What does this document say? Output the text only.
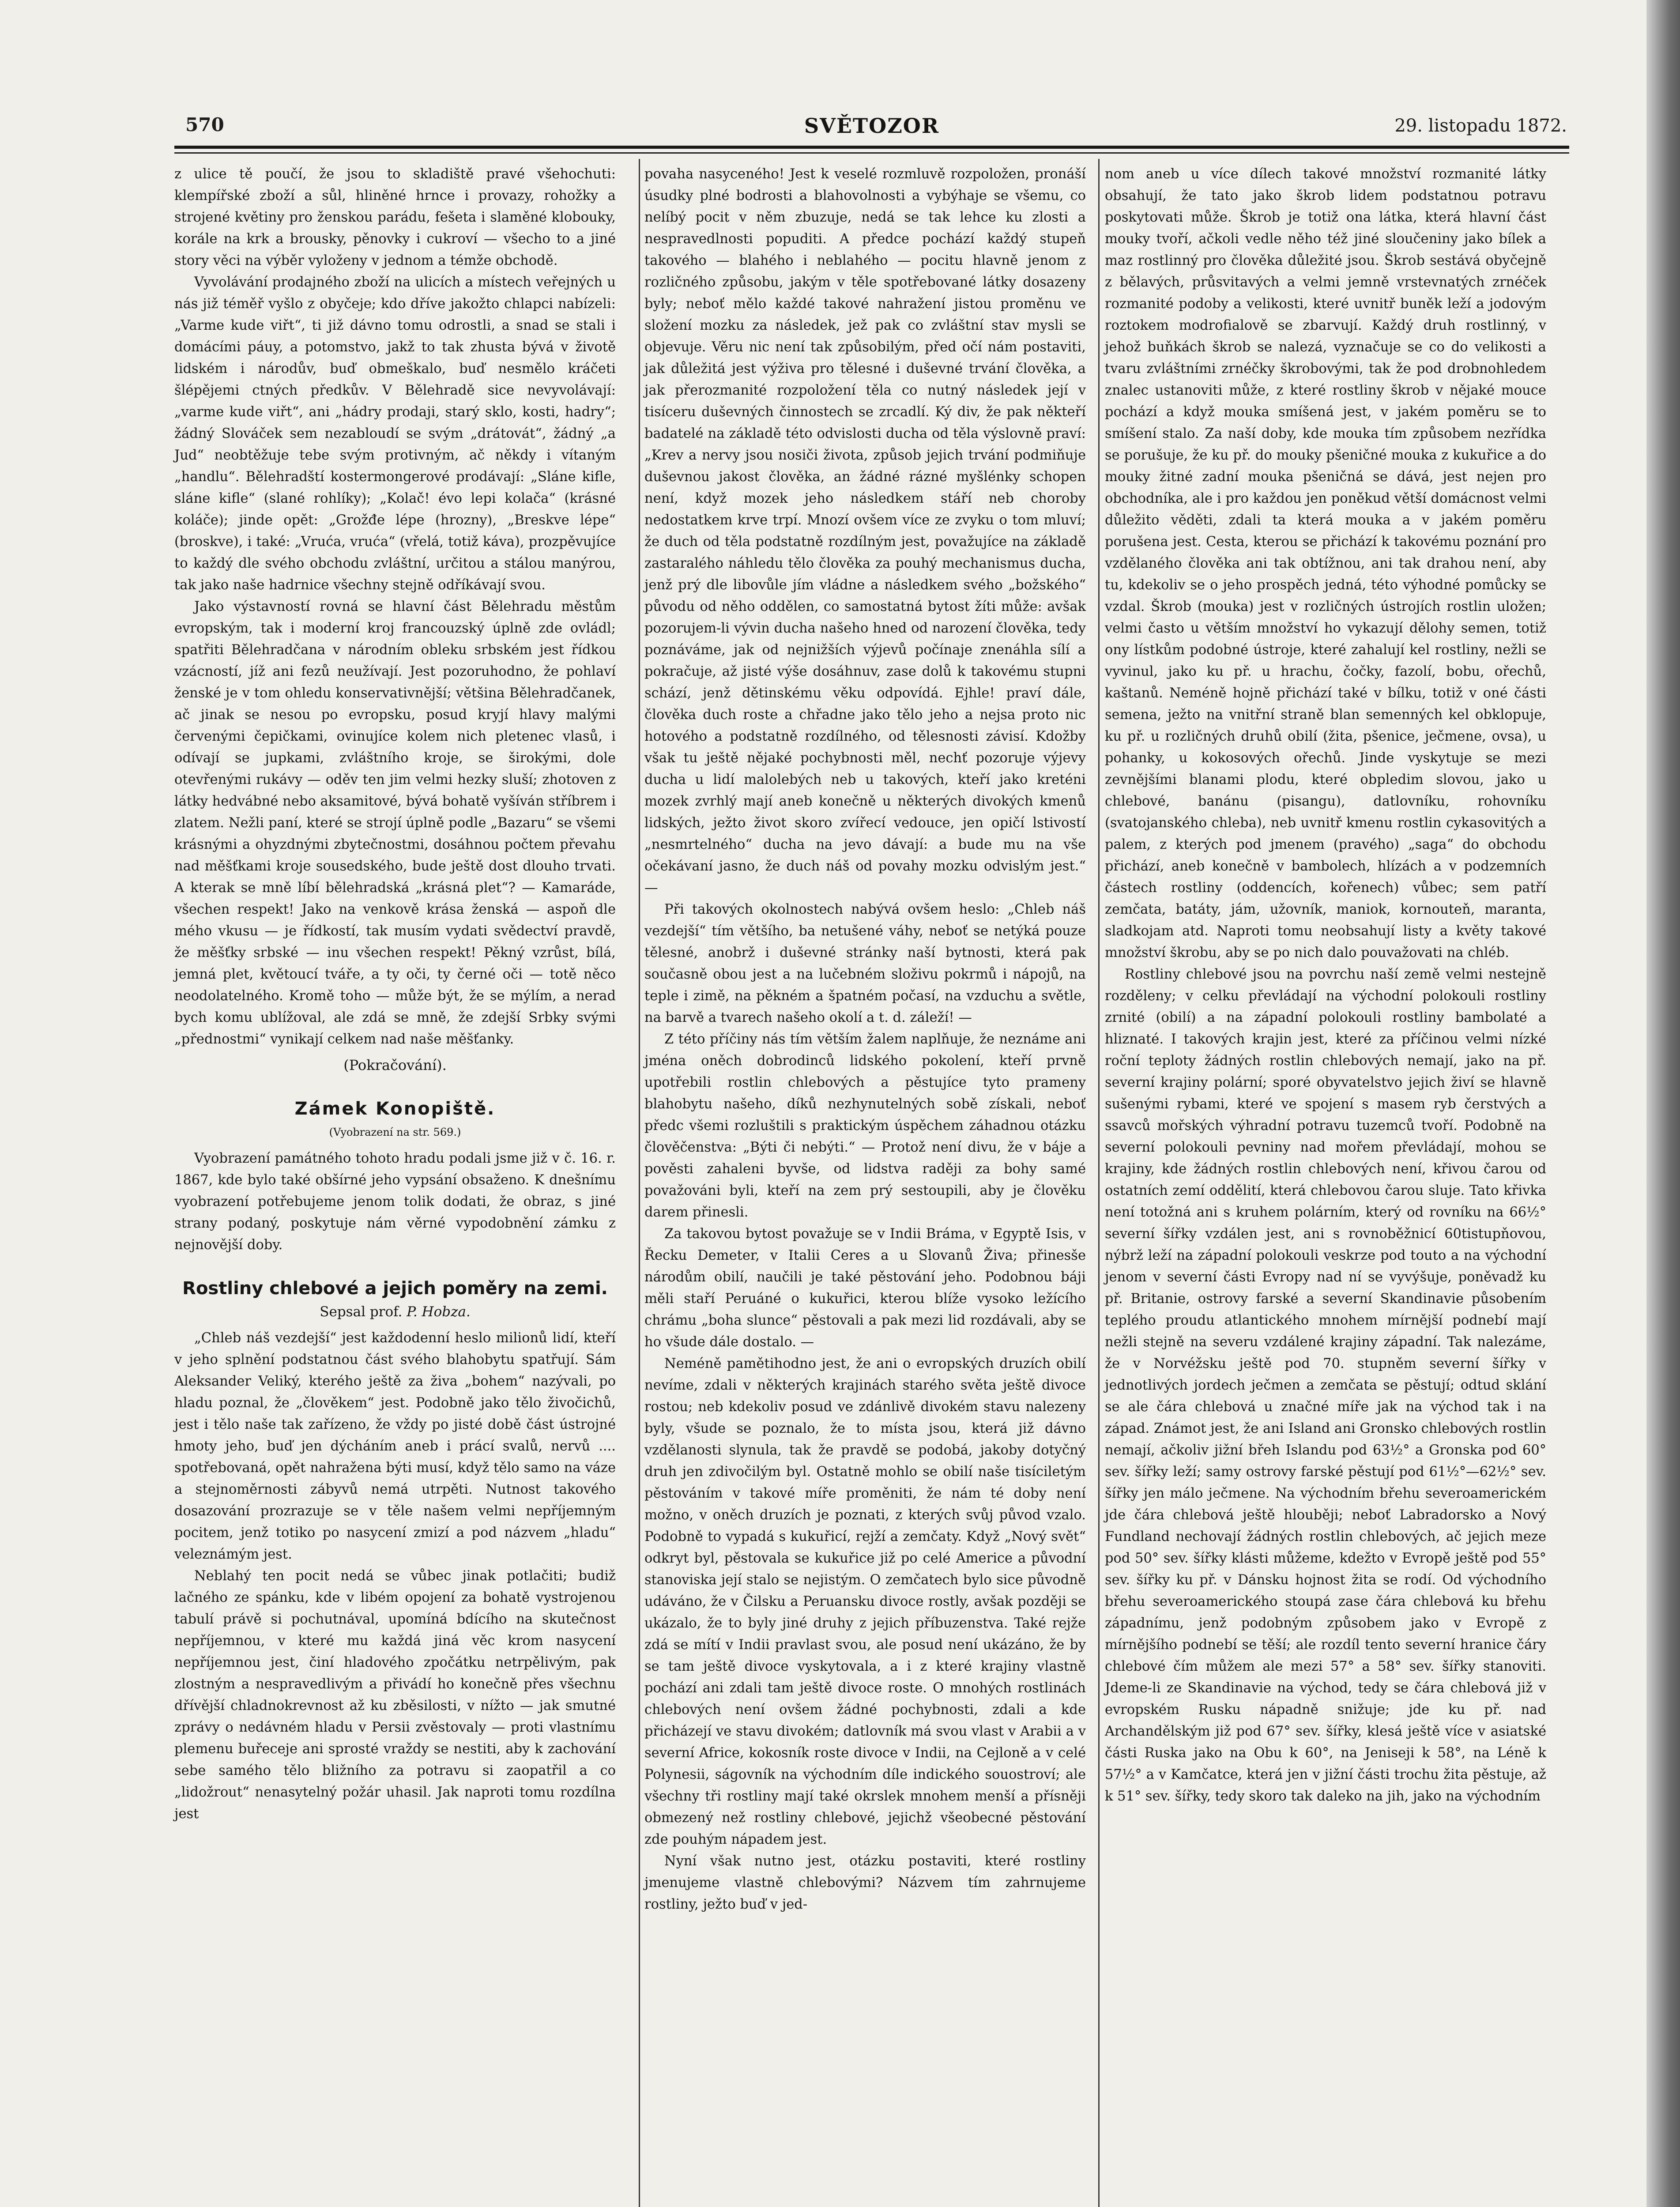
570	SVĚTOZOR	29. listopadu 1872.

z ulice tě poučí, že jsou to skladiště pravé všehochuti: klempířské zboží a sůl, hliněné hrnce i provazy, rohožky a strojené květiny pro ženskou parádu, fešeta i slaměné klobouky, korále na krk a brousky, pěnovky i cukroví — všecho to a jiné story věci na výběr vyloženy v jednom a témže obchodě.

Vyvolávání prodajného zboží na ulicích a místech veřejných u nás již téměř vyšlo z obyčeje; kdo dříve jakožto chlapci nabízeli: „Varme kude viřt“, ti již dávno tomu odrostli, a snad se stali i domácími páuy, a potomstvo, jakž to tak zhusta bývá v životě lidském i národův, buď obmeškalo, buď nesmělo kráčeti šlépějemi ctných předkův. V Bělehradě sice nevyvolávají: „varme kude viřt“, ani „hádry prodaji, starý sklo, kosti, hadry“; žádný Slováček sem nezabloudí se svým „drátovát“, žádný „a Jud“ neobtěžuje tebe svým protivným, ač někdy i vítaným „handlu“. Bělehradští kostermongerové prodávají: „Sláne kifle, sláne kifle“ (slané rohlíky); „Kolač! évo lepi kolača“ (krásné koláče); jinde opět: „Grožđe lépe (hrozny), „Breskve lépe“ (broskve), i také: „Vruća, vruća“ (vřelá, totiž káva), prozpěvujíce to každý dle svého obchodu zvláštní, určitou a stálou manýrou, tak jako naše hadrnice všechny stejně odříkávají svou.

Jako výstavností rovná se hlavní část Bělehradu městům evropským, tak i moderní kroj francouzský úplně zde ovládl; spatřiti Bělehradčana v národním obleku srbském jest řídkou vzácností, jíž ani fezů neužívají. Jest pozoruhodno, že pohlaví ženské je v tom ohledu konservativnější; většina Bělehradčanek, ač jinak se nesou po evropsku, posud kryjí hlavy malými červenými čepičkami, ovinujíce kolem nich pletenec vlasů, i odívají se jupkami, zvláštního kroje, se širokými, dole otevřenými rukávy — oděv ten jim velmi hezky sluší; zhotoven z látky hedvábné nebo aksamitové, bývá bohatě vyšíván stříbrem i zlatem. Nežli paní, které se strojí úplně podle „Bazaru“ se všemi krásnými a ohyzdnými zbytečnostmi, dosáhnou počtem převahu nad měšťkami kroje sousedského, bude ještě dost dlouho trvati. A kterak se mně líbí bělehradská „krásná plet“? — Kamaráde, všechen respekt! Jako na venkově krása ženská — aspoň dle mého vkusu — je řídkostí, tak musím vydati svědectví pravdě, že měšťky srbské — inu všechen respekt! Pěkný vzrůst, bílá, jemná plet, květoucí tváře, a ty oči, ty černé oči — totě něco neodolatelného. Kromě toho — může být, že se mýlím, a nerad bych komu ublížoval, ale zdá se mně, že zdejší Srbky svými „přednostmi“ vynikají celkem nad naše měšťanky.

(Pokračování).
Zámek Konopiště.
(Vyobrazení na str. 569.)

Vyobrazení památného tohoto hradu podali jsme již v č. 16. r. 1867, kde bylo také obšírné jeho vypsání obsaženo. K dnešnímu vyobrazení potřebujeme jenom tolik dodati, že obraz, s jiné strany podaný, poskytuje nám věrné vypodobnění zámku z nejnovější doby.

Rostliny chlebové a jejich poměry na zemi.
Sepsal prof. P. Hobza.

„Chleb náš vezdejší“ jest každodenní heslo milionů lidí, kteří v jeho splnění podstatnou část svého blahobytu spatřují. Sám Aleksander Veliký, kterého ještě za živa „bohem“ nazývali, po hladu poznal, že „člověkem“ jest. Podobně jako tělo živočichů, jest i tělo naše tak zařízeno, že vždy po jisté době část ústrojné hmoty jeho, buď jen dýcháním aneb i prácí svalů, nervů .... spotřebovaná, opět nahražena býti musí, když tělo samo na váze a stejnoměrnosti zábyvů nemá utrpěti. Nutnost takového dosazování prozrazuje se v těle našem velmi nepříjemným pocitem, jenž totiko po nasycení zmizí a pod názvem „hladu“ veleznámým jest.

Neblahý ten pocit nedá se vůbec jinak potlačiti; budiž lačného ze spánku, kde v libém opojení za bohatě vystrojenou tabulí právě si pochutnával, upomíná bdícího na skutečnost nepříjemnou, v které mu každá jiná věc krom nasycení nepříjemnou jest, činí hladového zpočátku netrpělivým, pak zlostným a nespravedlivým a přivádí ho konečně přes všechnu dřívější chladnokrevnost až ku zběsilosti, v nížto — jak smutné zprávy o nedávném hladu v Persii zvěstovaly — proti vlastnímu plemenu buřeceje ani sprosté vraždy se nestiti, aby k zachování sebe samého tělo bližního za potravu si zaopatřil a co „lidožrout“ nenasytelný požár uhasil. Jak naproti tomu rozdílna jest

povaha nasyceného! Jest k veselé rozmluvě rozpoložen, pronáší úsudky plné bodrosti a blahovolnosti a vybýhaje se všemu, co nelíbý pocit v něm zbuzuje, nedá se tak lehce ku zlosti a nespravedlnosti popuditi. A předce pochází každý stupeň takového — blahého i neblahého — pocitu hlavně jenom z rozličného způsobu, jakým v těle spotřebované látky dosazeny byly; neboť mělo každé takové nahražení jistou proměnu ve složení mozku za následek, jež pak co zvláštní stav mysli se objevuje. Věru nic není tak způsobilým, před očí nám postaviti, jak důležitá jest výživa pro tělesné i duševné trvání člověka, a jak přerozmanité rozpoložení těla co nutný následek její v tisíceru duševných činnostech se zrcadlí. Ký div, že pak někteří badatelé na základě této odvislosti ducha od těla výslovně praví: „Krev a nervy jsou nosiči života, způsob jejich trvání podmiňuje duševnou jakost člověka, an žádné rázné myšlénky schopen není, když mozek jeho následkem stáří neb choroby nedostatkem krve trpí. Mnozí ovšem více ze zvyku o tom mluví; že duch od těla podstatně rozdílným jest, považujíce na základě zastaralého náhledu tělo člověka za pouhý mechanismus ducha, jenž prý dle libovůle jím vládne a následkem svého „božského“ původu od něho oddělen, co samostatná bytost žíti může: avšak pozorujem-li vývin ducha našeho hned od narození člověka, tedy poznáváme, jak od nejnižších výjevů počínaje znenáhla sílí a pokračuje, až jisté výše dosáhnuv, zase dolů k takovému stupni schází, jenž dětinskému věku odpovídá. Ejhle! praví dále, člověka duch roste a chřadne jako tělo jeho a nejsa proto nic hotového a podstatně rozdílného, od tělesnosti závisí. Kdožby však tu ještě nějaké pochybnosti měl, nechť pozoruje výjevy ducha u lidí malolebých neb u takových, kteří jako kreténi mozek zvrhlý mají aneb konečně u některých divokých kmenů lidských, ježto život skoro zvířecí vedouce, jen opičí lstivostí „nesmrtelného“ ducha na jevo dávají: a bude mu na vše očekávaní jasno, že duch náš od povahy mozku odvislým jest.“ —

Při takových okolnostech nabývá ovšem heslo: „Chleb náš vezdejší“ tím většího, ba netušené váhy, neboť se netýká pouze tělesné, anobrž i duševné stránky naší bytnosti, která pak současně obou jest a na lučebném složivu pokrmů i nápojů, na teple i zimě, na pěkném a špatném počasí, na vzduchu a světle, na barvě a tvarech našeho okolí a t. d. záleží! —

Z této příčiny nás tím větším žalem naplňuje, že neznáme ani jména oněch dobrodinců lidského pokolení, kteří prvně upotřebili rostlin chlebových a pěstujíce tyto prameny blahobytu našeho, díků nezhynutelných sobě získali, neboť předc všemi rozluštili s praktickým úspěchem záhadnou otázku člověčenstva: „Býti či nebýti.“ — Protož není divu, že v báje a pověsti zahaleni byvše, od lidstva raději za bohy samé považováni byli, kteří na zem prý sestoupili, aby je člověku darem přinesli.

Za takovou bytost považuje se v Indii Bráma, v Egyptě Isis, v Řecku Demeter, v Italii Ceres a u Slovanů Živa; přinesše národům obilí, naučili je také pěstování jeho. Podobnou báji měli staří Peruáné o kukuřici, kterou blíže vysoko ležícího chrámu „boha slunce“ pěstovali a pak mezi lid rozdávali, aby se ho všude dále dostalo. —

Neméně pamětihodno jest, že ani o evropských druzích obilí nevíme, zdali v některých krajinách starého světa ještě divoce rostou; neb kdekoliv posud ve zdánlivě divokém stavu nalezeny byly, všude se poznalo, že to místa jsou, která již dávno vzdělanosti slynula, tak že pravdě se podobá, jakoby dotyčný druh jen zdivočilým byl. Ostatně mohlo se obilí naše tisíciletým pěstováním v takové míře proměniti, že nám té doby není možno, v oněch druzích je poznati, z kterých svůj původ vzalo. Podobně to vypadá s kukuřicí, rejží a zemčaty. Když „Nový svět“ odkryt byl, pěstovala se kukuřice již po celé Americe a původní stanoviska její stalo se nejistým. O zemčatech bylo sice původně udáváno, že v Čilsku a Peruansku divoce rostly, avšak později se ukázalo, že to byly jiné druhy z jejich příbuzenstva. Také rejže zdá se mítí v Indii pravlast svou, ale posud není ukázáno, že by se tam ještě divoce vyskytovala, a i z které krajiny vlastně pochází ani zdali tam ještě divoce roste. O mnohých rostlinách chlebových není ovšem žádné pochybnosti, zdali a kde přicházejí ve stavu divokém; datlovník má svou vlast v Arabii a v severní Africe, kokosník roste divoce v Indii, na Cejloně a v celé Polynesii, ságovník na východním díle indického souostroví; ale všechny tři rostliny mají také okrslek mnohem menší a přísněji obmezený než rostliny chlebové, jejichž všeobecné pěstování zde pouhým nápadem jest.

Nyní však nutno jest, otázku postaviti, které rostliny jmenujeme vlastně chlebovými? Názvem tím zahrnujeme rostliny, ježto buď v jed-

nom aneb u více dílech takové množství rozmanité látky obsahují, že tato jako škrob lidem podstatnou potravu poskytovati může. Škrob je totiž ona látka, která hlavní část mouky tvoří, ačkoli vedle něho též jiné sloučeniny jako bílek a maz rostlinný pro člověka důležité jsou. Škrob sestává obyčejně z bělavých, průsvitavých a velmi jemně vrstevnatých zrnéček rozmanité podoby a velikosti, které uvnitř buněk leží a jodovým roztokem modrofialově se zbarvují. Každý druh rostlinný, v jehož buňkách škrob se nalezá, vyznačuje se co do velikosti a tvaru zvláštními zrnéčky škrobovými, tak že pod drobnohledem znalec ustanoviti může, z které rostliny škrob v nějaké mouce pochází a když mouka smíšená jest, v jakém poměru se to smíšení stalo. Za naší doby, kde mouka tím způsobem nezřídka se porušuje, že ku př. do mouky pšeničné mouka z kukuřice a do mouky žitné zadní mouka pšeničná se dává, jest nejen pro obchodníka, ale i pro každou jen poněkud větší domácnost velmi důležito věděti, zdali ta která mouka a v jakém poměru porušena jest. Cesta, kterou se přichází k takovému poznání pro vzdělaného člověka ani tak obtížnou, ani tak drahou není, aby tu, kdekoliv se o jeho prospěch jedná, této výhodné pomůcky se vzdal. Škrob (mouka) jest v rozličných ústrojích rostlin uložen; velmi často u větším množství ho vykazují dělohy semen, totiž ony lístkům podobné ústroje, které zahalují kel rostliny, nežli se vyvinul, jako ku př. u hrachu, čočky, fazolí, bobu, ořechů, kaštanů. Neméně hojně přichází také v bílku, totiž v oné části semena, ježto na vnitřní straně blan semenných kel obklopuje, ku př. u rozličných druhů obilí (žita, pšenice, ječmene, ovsa), u pohanky, u kokosových ořechů. Jinde vyskytuje se mezi zevnějšími blanami plodu, které obpledim slovou, jako u chlebové, banánu (pisangu), datlovníku, rohovníku (svatojanského chleba), neb uvnitř kmenu rostlin cykasovitých a palem, z kterých pod jmenem (pravého) „saga“ do obchodu přichází, aneb konečně v bambolech, hlízách a v podzemních částech rostliny (oddencích, kořenech) vůbec; sem patří zemčata, batáty, jám, užovník, maniok, kornouteň, maranta, sladkojam atd. Naproti tomu neobsahují listy a květy takové množství škrobu, aby se po nich dalo pouvažovati na chléb.

Rostliny chlebové jsou na povrchu naší země velmi nestejně rozděleny; v celku převládají na východní polokouli rostliny zrnité (obilí) a na západní polokouli rostliny bambolaté a hliznaté. I takových krajin jest, které za příčinou velmi nízké roční teploty žádných rostlin chlebových nemají, jako na př. severní krajiny polární; sporé obyvatelstvo jejich živí se hlavně sušenými rybami, které ve spojení s masem ryb čerstvých a ssavců mořských výhradní potravu tuzemců tvoří. Podobně na severní polokouli pevniny nad mořem převládají, mohou se krajiny, kde žádných rostlin chlebových není, křivou čarou od ostatních zemí oddělití, která chlebovou čarou sluje. Tato křivka není totožná ani s kruhem polárním, který od rovníku na 66½° severní šířky vzdálen jest, ani s rovnoběžnicí 60tistupňovou, nýbrž leží na západní polokouli veskrze pod touto a na východní jenom v severní části Evropy nad ní se vyvýšuje, poněvadž ku př. Britanie, ostrovy farské a severní Skandinavie působením teplého proudu atlantického mnohem mírnější podnebí mají nežli stejně na severu vzdálené krajiny západní. Tak nalezáme, že v Norvéžsku ještě pod 70. stupněm severní šířky v jednotlivých jordech ječmen a zemčata se pěstují; odtud sklání se ale čára chlebová u značné míře jak na východ tak i na západ. Známot jest, že ani Island ani Gronsko chlebových rostlin nemají, ačkoliv jižní břeh Islandu pod 63½° a Gronska pod 60° sev. šířky leží; samy ostrovy farské pěstují pod 61½°—62½° sev. šířky jen málo ječmene. Na východním břehu severoamerickém jde čára chlebová ještě hlouběji; neboť Labradorsko a Nový Fundland nechovají žádných rostlin chlebových, ač jejich meze pod 50° sev. šířky klásti můžeme, kdežto v Evropě ještě pod 55° sev. šířky ku př. v Dánsku hojnost žita se rodí. Od východního břehu severoamerického stoupá zase čára chlebová ku břehu západnímu, jenž podobným způsobem jako v Evropě z mírnějšího podnebí se těší; ale rozdíl tento severní hranice čáry chlebové čím můžem ale mezi 57° a 58° sev. šířky stanoviti. Jdeme-li ze Skandinavie na východ, tedy se čára chlebová již v evropském Rusku nápadně snižuje; jde ku př. nad Archandělským již pod 67° sev. šířky, klesá ještě více v asiatské části Ruska jako na Obu k 60°, na Jeniseji k 58°, na Léně k 57½° a v Kamčatce, která jen v jižní části trochu žita pěstuje, až k 51° sev. šířky, tedy skoro tak daleko na jih, jako na východním
